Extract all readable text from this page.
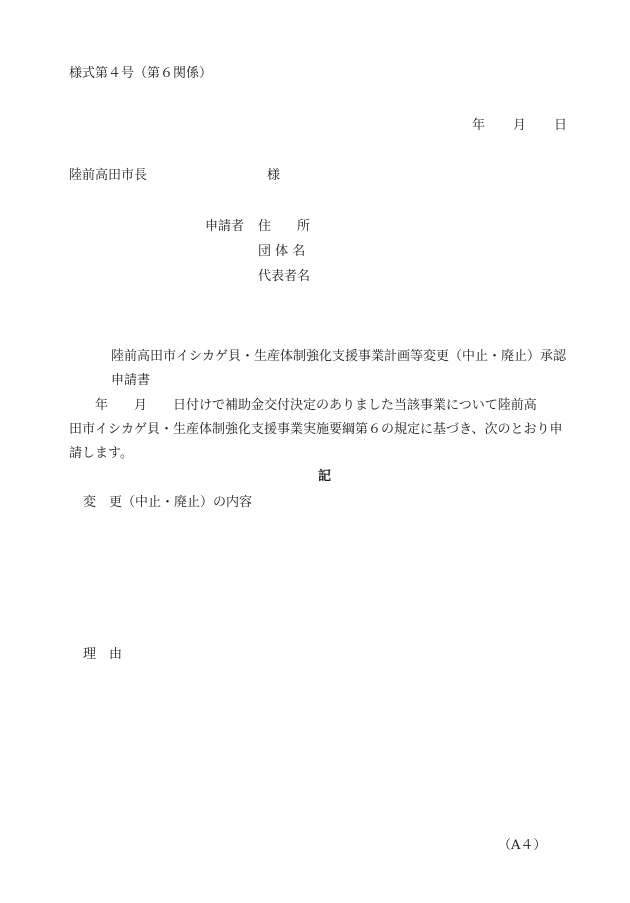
様式第４号（第６関係）
年 月 日
陸前高田市長	様
申請者 住　　所
団 体 名
代表者名
陸前高田市イシカゲ貝・生産体制強化支援事業計画等変更（中止・廃止）承認
申請書
　　年　　月　　日付けで補助金交付決定のありました当該事業について陸前高
田市イシカゲ貝・生産体制強化支援事業実施要綱第６の規定に基づき、次のとおり申
請します。
記
変　更（中止・廃止）の内容
理　由
（A４）
